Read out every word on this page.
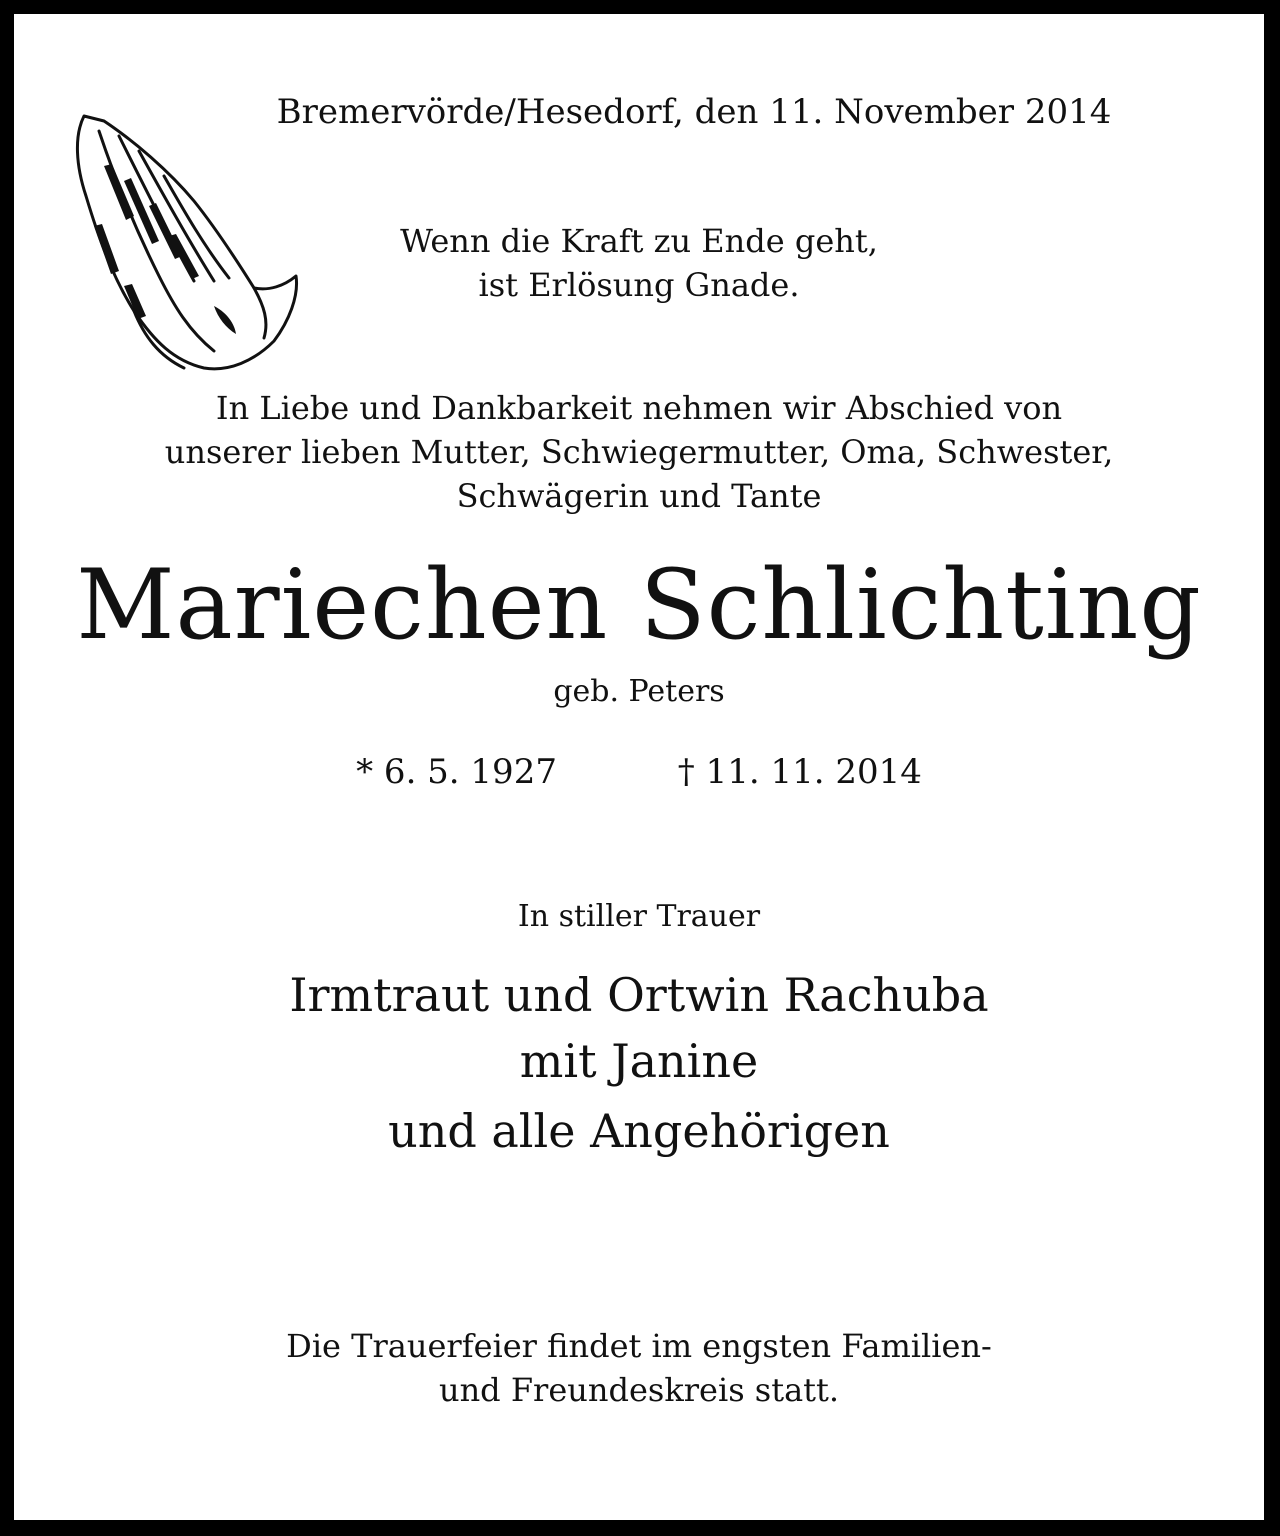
Bremervörde/Hesedorf, den 11. November 2014
Wenn die Kraft zu Ende geht,
ist Erlösung Gnade.
In Liebe und Dankbarkeit nehmen wir Abschied von
unserer lieben Mutter, Schwiegermutter, Oma, Schwester,
Schwägerin und Tante
Mariechen Schlichting
geb. Peters
* 6. 5. 1927	† 11. 11. 2014
In stiller Trauer
Irmtraut und Ortwin Rachuba
mit Janine
und alle Angehörigen
Die Trauerfeier findet im engsten Familien-
und Freundeskreis statt.
